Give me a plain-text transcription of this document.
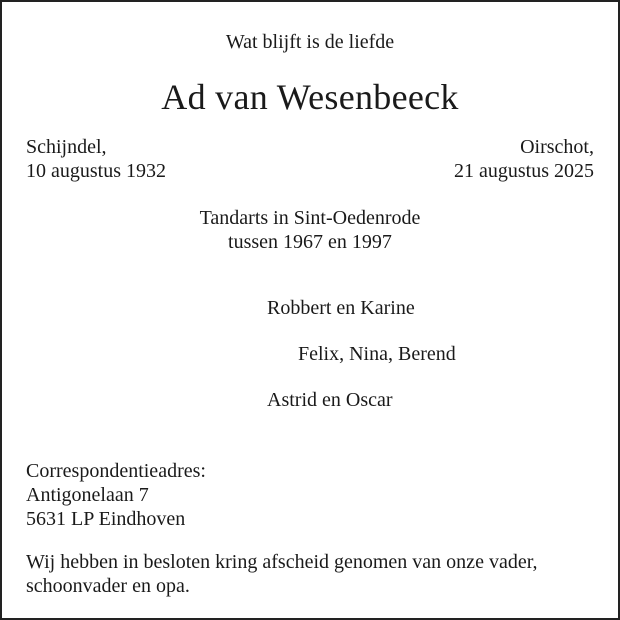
Wat blijft is de liefde

Ad van Wesenbeeck
Schijndel,
10 augustus 1932
Oirschot,
21 augustus 2025
Tandarts in Sint-Oedenrode
tussen 1967 en 1997
Robbert en Karine
Felix, Nina, Berend
Astrid en Oscar
Correspondentieadres:
Antigonelaan 7
5631 LP Eindhoven

Wij hebben in besloten kring afscheid genomen van onze vader, schoonvader en opa.
